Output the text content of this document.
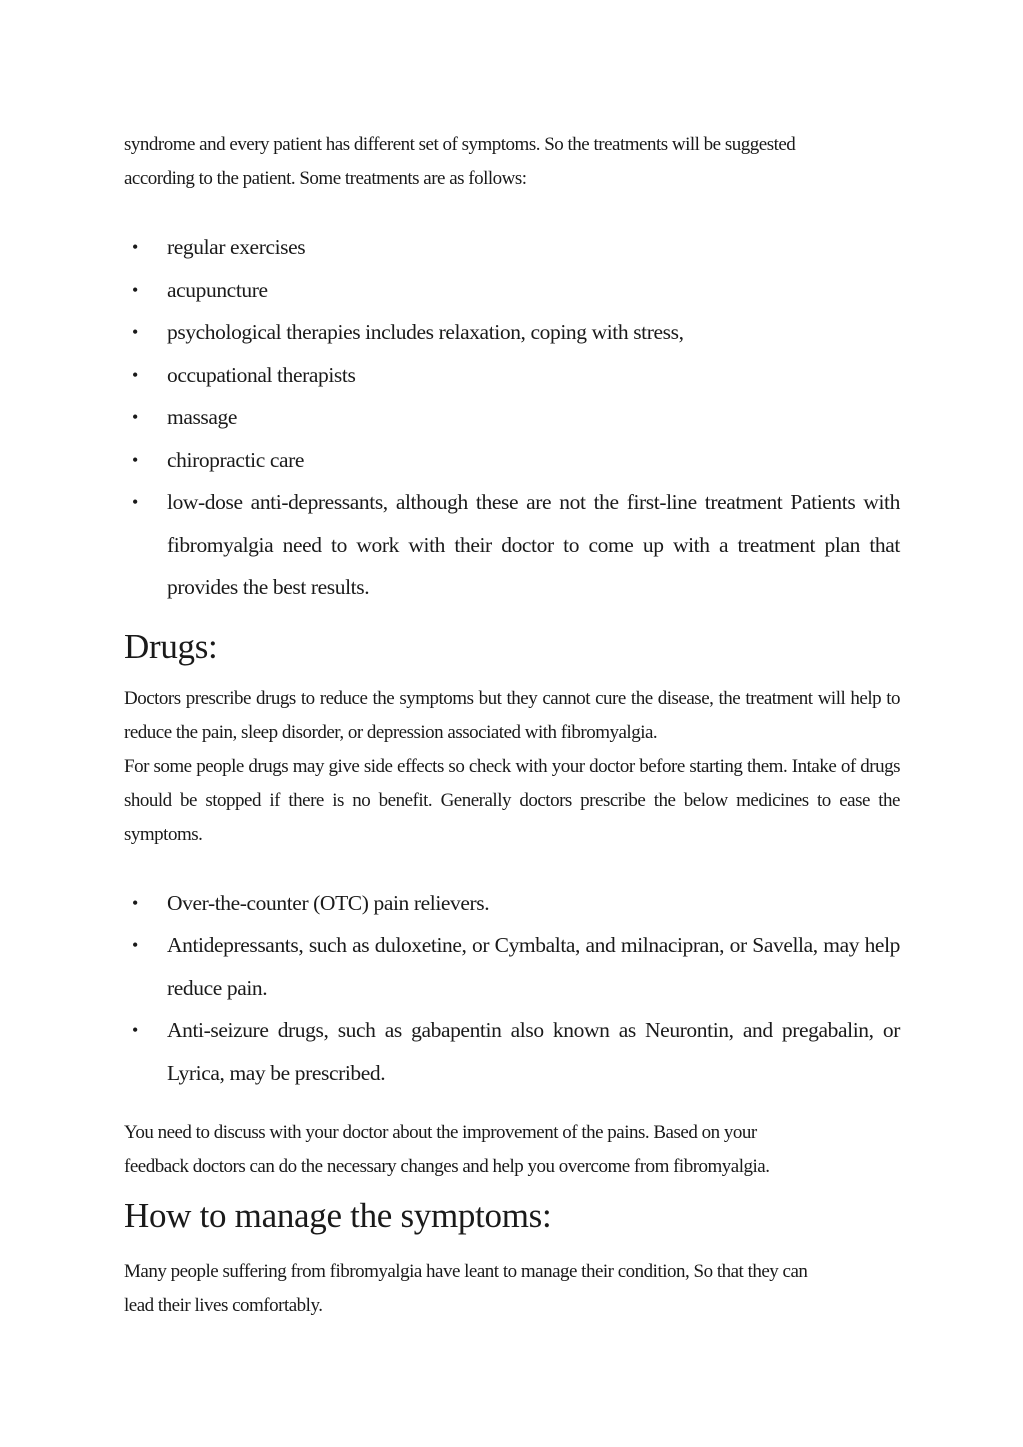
syndrome and every patient has different set of symptoms. So the treatments will be suggested

according to the patient. Some treatments are as follows:

• regular exercises
• acupuncture
• psychological therapies includes relaxation, coping with stress,
• occupational therapists
• massage
• chiropractic care
• low-dose anti-depressants, although these are not the first-line treatment Patients with fibromyalgia need to work with their doctor to come up with a treatment plan that provides the best results.
Drugs:

Doctors prescribe drugs to reduce the symptoms but they cannot cure the disease, the treatment will help to reduce the pain, sleep disorder, or depression associated with fibromyalgia.

For some people drugs may give side effects so check with your doctor before starting them. Intake of drugs should be stopped if there is no benefit. Generally doctors prescribe the below medicines to ease the symptoms.

• Over-the-counter (OTC) pain relievers.
• Antidepressants, such as duloxetine, or Cymbalta, and milnacipran, or Savella, may help reduce pain.
• Anti-seizure drugs, such as gabapentin also known as Neurontin, and pregabalin, or Lyrica, may be prescribed.

You need to discuss with your doctor about the improvement of the pains. Based on your

feedback doctors can do the necessary changes and help you overcome from fibromyalgia.

How to manage the symptoms:

Many people suffering from fibromyalgia have leant to manage their condition, So that they can

lead their lives comfortably.
